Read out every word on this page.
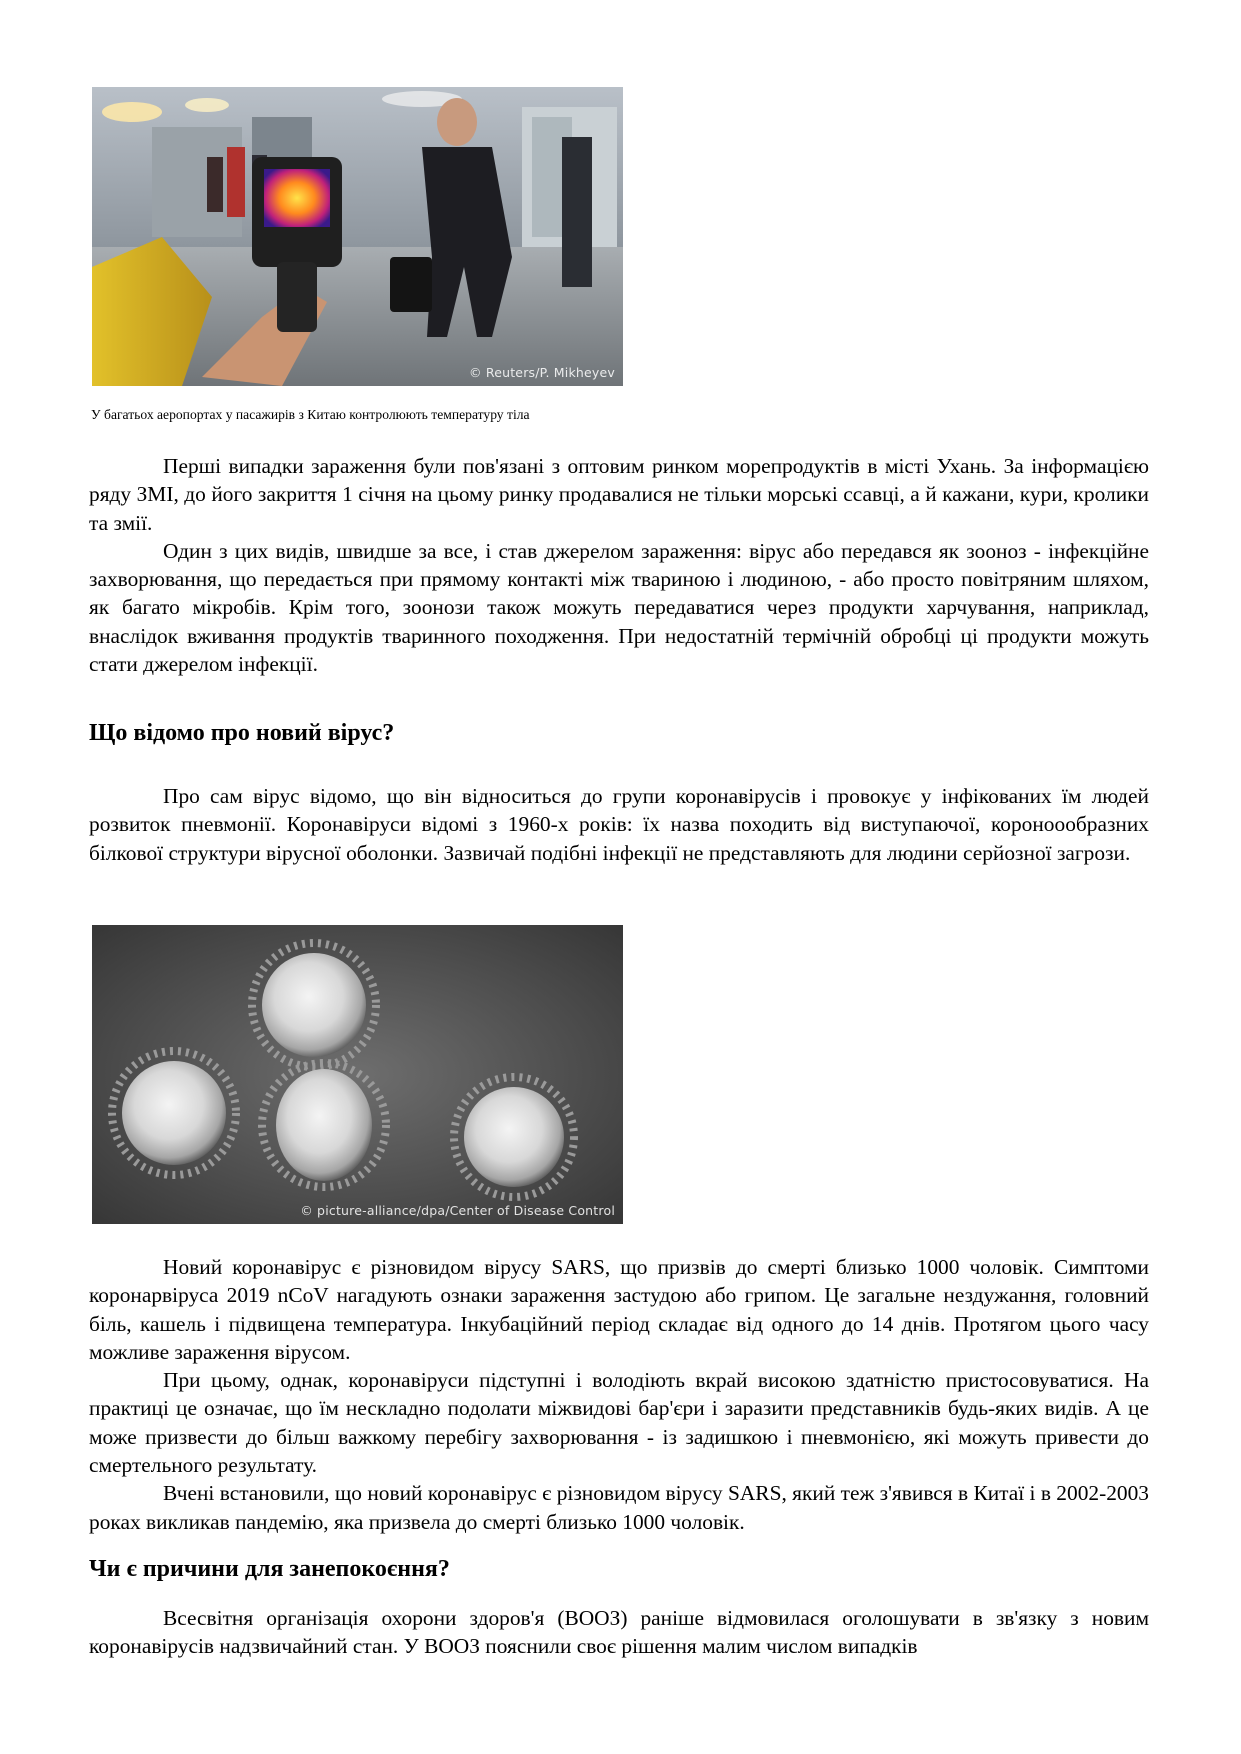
© Reuters/P. Mikheyev
У багатьох аеропортах у пасажирів з Китаю контролюють температуру тіла

Перші випадки зараження були пов'язані з оптовим ринком морепродуктів в місті Ухань. За інформацією ряду ЗМІ, до його закриття 1 січня на цьому ринку продавалися не тільки морські ссавці, а й кажани, кури, кролики та змії.

Один з цих видів, швидше за все, і став джерелом зараження: вірус або передався як зооноз - інфекційне захворювання, що передається при прямому контакті між твариною і людиною, - або просто повітряним шляхом, як багато мікробів. Крім того, зоонози також можуть передаватися через продукти харчування, наприклад, внаслідок вживання продуктів тваринного походження. При недостатній термічній обробці ці продукти можуть стати джерелом інфекції.

Що відомо про новий вірус?

Про сам вірус відомо, що він відноситься до групи коронавірусів і провокує у інфікованих їм людей розвиток пневмонії. Коронавіруси відомі з 1960-х років: їх назва походить від виступаючої, короноообразних білкової структури вірусної оболонки. Зазвичай подібні інфекції не представляють для людини серйозної загрози.

© picture-alliance/dpa/Center of Disease Control

Новий коронавірус є різновидом вірусу SARS, що призвів до смерті близько 1000 чоловік. Симптоми коронарвіруса 2019 nCoV нагадують ознаки зараження застудою або грипом. Це загальне нездужання, головний біль, кашель і підвищена температура. Інкубаційний період складає від одного до 14 днів. Протягом цього часу можливе зараження вірусом.

При цьому, однак, коронавіруси підступні і володіють вкрай високою здатністю пристосовуватися. На практиці це означає, що їм нескладно подолати міжвидові бар'єри і заразити представників будь-яких видів. А це може призвести до більш важкому перебігу захворювання - із задишкою і пневмонією, які можуть привести до смертельного результату.

Вчені встановили, що новий коронавірус є різновидом вірусу SARS, який теж з'явився в Китаї і в 2002-2003 роках викликав пандемію, яка призвела до смерті близько 1000 чоловік.

Чи є причини для занепокоєння?

Всесвітня організація охорони здоров'я (ВООЗ) раніше відмовилася оголошувати в зв'язку з новим коронавірусів надзвичайний стан. У ВООЗ пояснили своє рішення малим числом випадків
